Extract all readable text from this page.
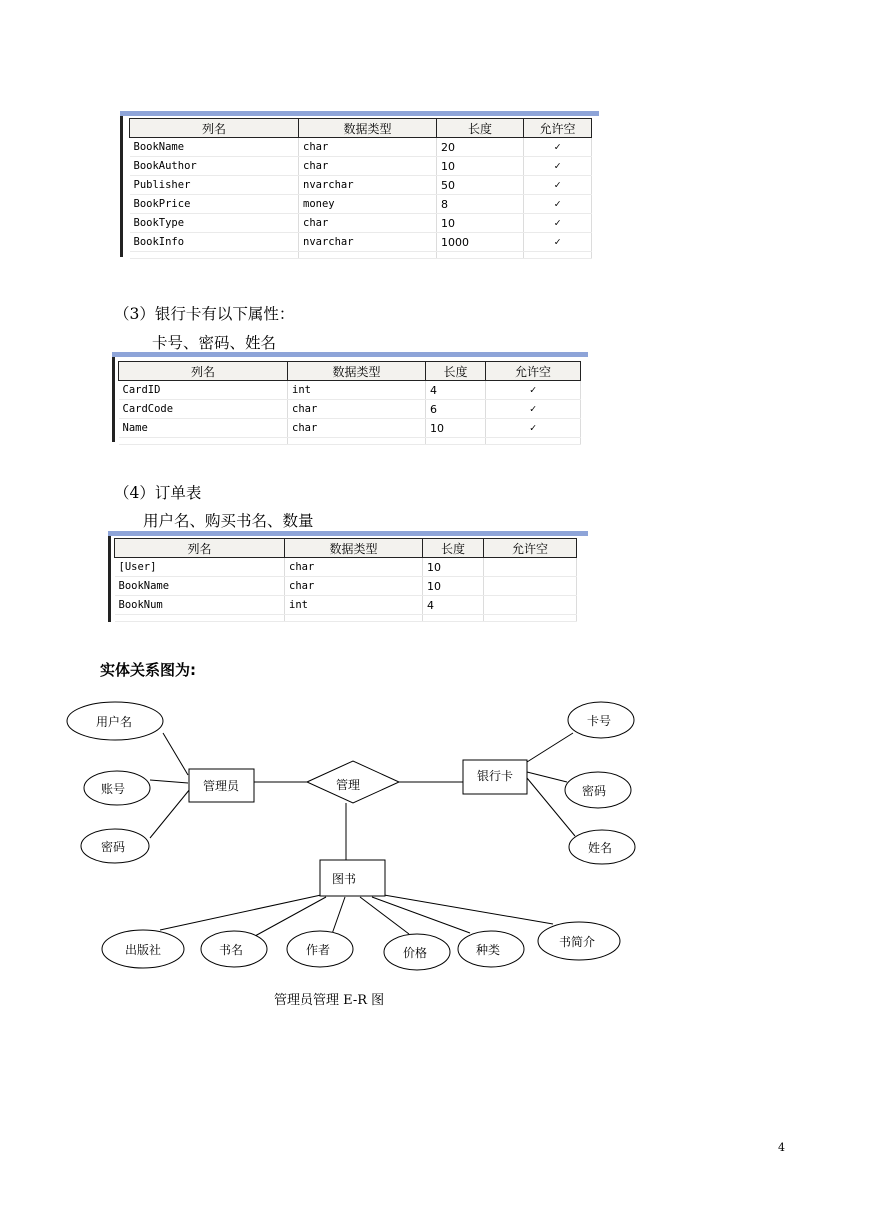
列名	数据类型	长度	允许空
BookName	char	20	✓
BookAuthor	char	10	✓
Publisher	nvarchar	50	✓
BookPrice	money	8	✓
BookType	char	10	✓
BookInfo	nvarchar	1000	✓

（3）银行卡有以下属性：
卡号、密码、姓名
列名	数据类型	长度	允许空
CardID	int	4	✓
CardCode	char	6	✓
Name	char	10	✓

（4）订单表
用户名、购买书名、数量
列名	数据类型	长度	允许空
[User]	char	10	
BookName	char	10	
BookNum	int	4	

实体关系图为:
管理员
银行卡
图书
管理
用户名
账号
密码
卡号
密码
姓名
出版社	书名	作者	价格	种类
书简介
管理员管理 E-R 图
4
